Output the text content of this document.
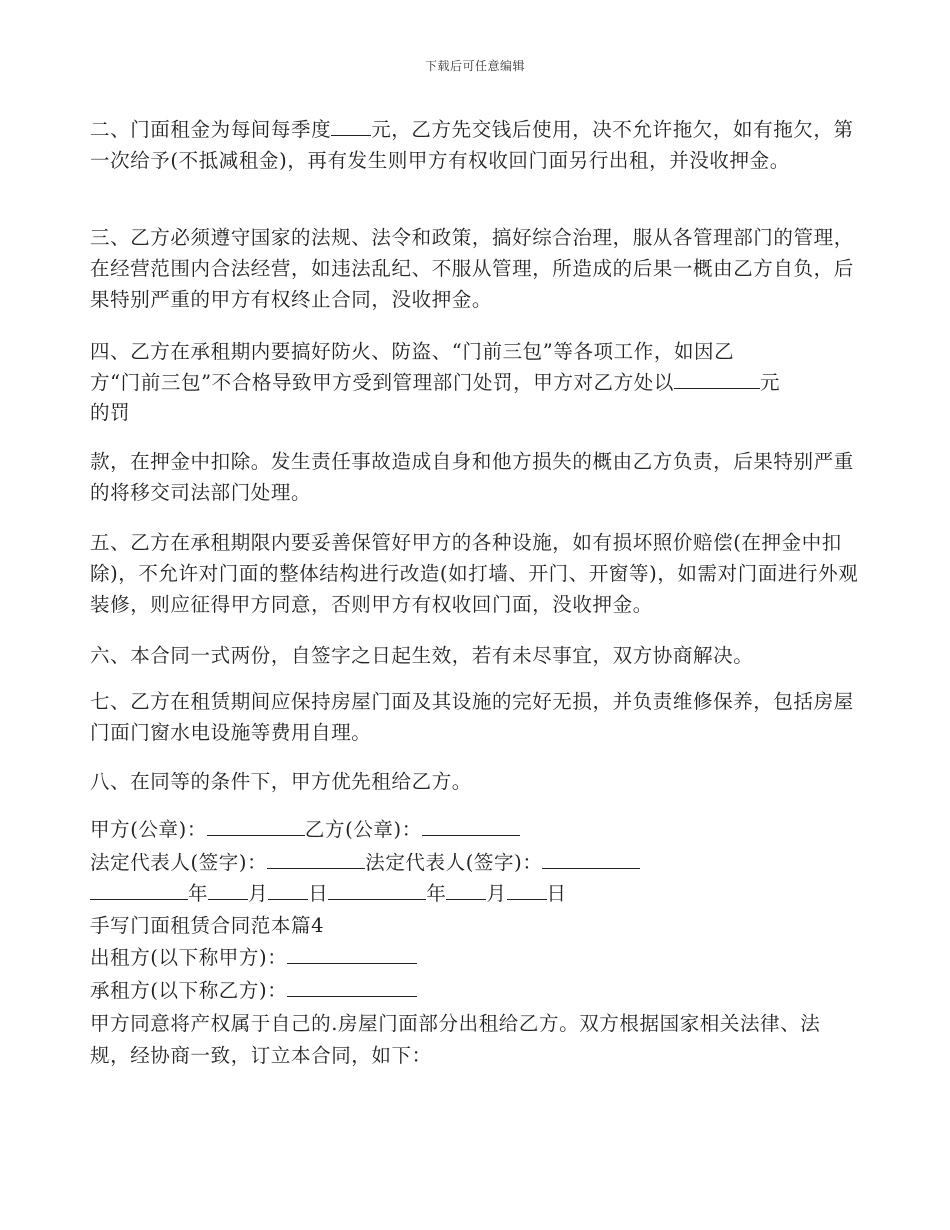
下载后可任意编辑

二、门面租金为每间每季度 元，乙方先交钱后使用，决不允许拖欠，如有拖欠，第一次给予(不抵减租金)，再有发生则甲方有权收回门面另行出租，并没收押金。

三、乙方必须遵守国家的法规、法令和政策，搞好综合治理，服从各管理部门的管理，在经营范围内合法经营，如违法乱纪、不服从管理，所造成的后果一概由乙方自负，后果特别严重的甲方有权终止合同，没收押金。

四、乙方在承租期内要搞好防火、防盗、“门前三包”等各项工作，如因乙
方“门前三包”不合格导致甲方受到管理部门处罚，甲方对乙方处以	元
的罚

款，在押金中扣除。发生责任事故造成自身和他方损失的概由乙方负责，后果特别严重的将移交司法部门处理。

五、乙方在承租期限内要妥善保管好甲方的各种设施，如有损坏照价赔偿(在押金中扣除)，不允许对门面的整体结构进行改造(如打墙、开门、开窗等)，如需对门面进行外观装修，则应征得甲方同意，否则甲方有权收回门面，没收押金。

六、本合同一式两份，自签字之日起生效，若有未尽事宜，双方协商解决。

七、乙方在租赁期间应保持房屋门面及其设施的完好无损，并负责维修保养，包括房屋门面门窗水电设施等费用自理。

八、在同等的条件下，甲方优先租给乙方。

甲方(公章)：	乙方(公章)：
法定代表人(签字)：	法定代表人(签字)：
年 月 日	年 月 日
手写门面租赁合同范本篇4
出租方(以下称甲方)：
承租方(以下称乙方)：

甲方同意将产权属于自己的.房屋门面部分出租给乙方。双方根据国家相关法律、法规，经协商一致，订立本合同，如下：
